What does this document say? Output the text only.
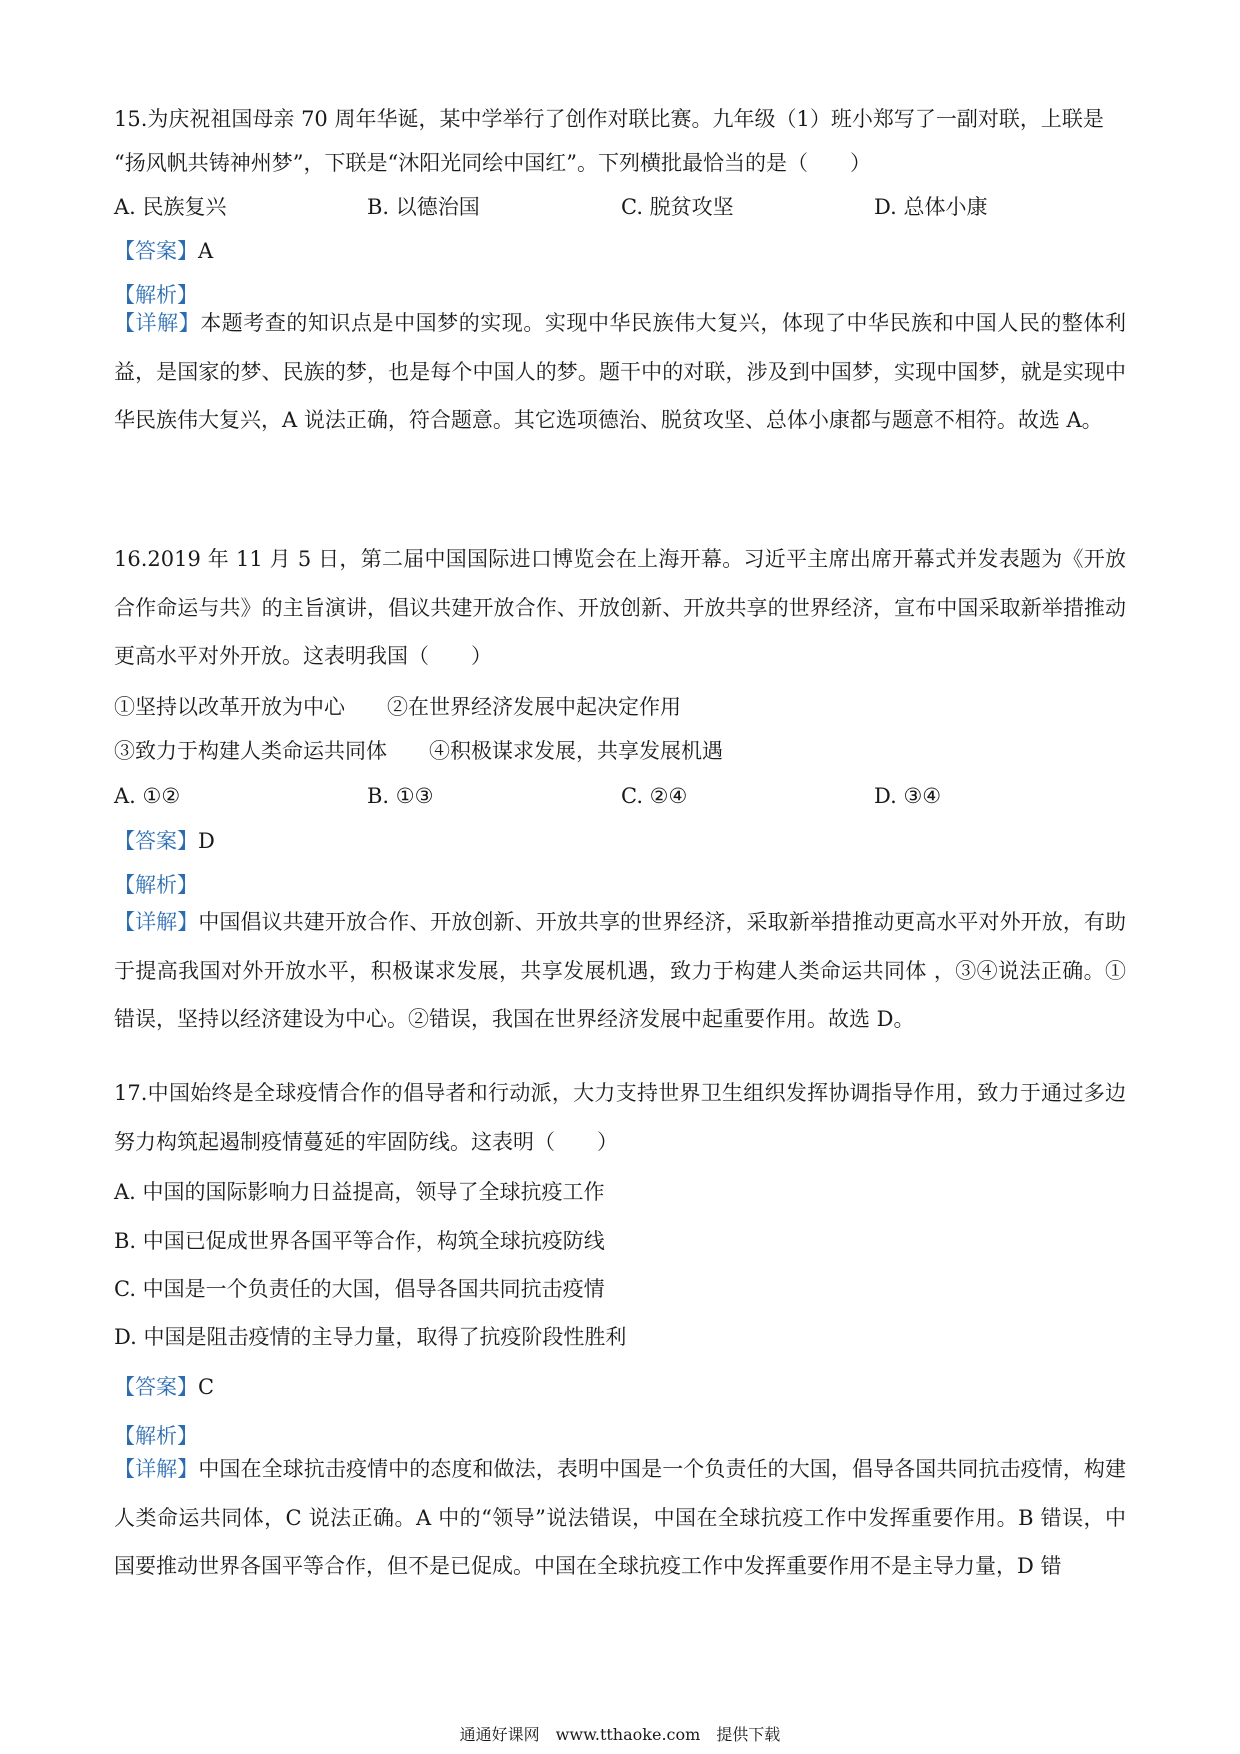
15.为庆祝祖国母亲 70 周年华诞，某中学举行了创作对联比赛。九年级（1）班小郑写了一副对联，上联是
“扬风帆共铸神州梦”，下联是“沐阳光同绘中国红”。下列横批最恰当的是（　　）
A. 民族复兴	B. 以德治国	C. 脱贫攻坚	D. 总体小康
【答案】A
【解析】
【详解】本题考查的知识点是中国梦的实现。实现中华民族伟大复兴，体现了中华民族和中国人民的整体利益，是国家的梦、民族的梦，也是每个中国人的梦。题干中的对联，涉及到中国梦，实现中国梦，就是实现中华民族伟大复兴，A 说法正确，符合题意。其它选项德治、脱贫攻坚、总体小康都与题意不相符。故选 A。
16.2019 年 11 月 5 日，第二届中国国际进口博览会在上海开幕。习近平主席出席开幕式并发表题为《开放合作命运与共》的主旨演讲，倡议共建开放合作、开放创新、开放共享的世界经济，宣布中国采取新举措推动更高水平对外开放。这表明我国（　　）
①坚持以改革开放为中心　　②在世界经济发展中起决定作用
③致力于构建人类命运共同体　　④积极谋求发展，共享发展机遇
A. ①②	B. ①③	C. ②④	D. ③④
【答案】D
【解析】
【详解】中国倡议共建开放合作、开放创新、开放共享的世界经济，采取新举措推动更高水平对外开放，有助于提高我国对外开放水平，积极谋求发展，共享发展机遇，致力于构建人类命运共同体 ，③④说法正确。①错误，坚持以经济建设为中心。②错误，我国在世界经济发展中起重要作用。故选 D。
17.中国始终是全球疫情合作的倡导者和行动派，大力支持世界卫生组织发挥协调指导作用，致力于通过多边努力构筑起遏制疫情蔓延的牢固防线。这表明（　　）
A. 中国的国际影响力日益提高，领导了全球抗疫工作
B. 中国已促成世界各国平等合作，构筑全球抗疫防线
C. 中国是一个负责任的大国，倡导各国共同抗击疫情
D. 中国是阻击疫情的主导力量，取得了抗疫阶段性胜利
【答案】C
【解析】
【详解】中国在全球抗击疫情中的态度和做法，表明中国是一个负责任的大国，倡导各国共同抗击疫情，构建人类命运共同体，C 说法正确。A 中的“领导”说法错误，中国在全球抗疫工作中发挥重要作用。B 错误，中国要推动世界各国平等合作，但不是已促成。中国在全球抗疫工作中发挥重要作用不是主导力量，D 错
通通好课网　www.tthaoke.com　提供下载
